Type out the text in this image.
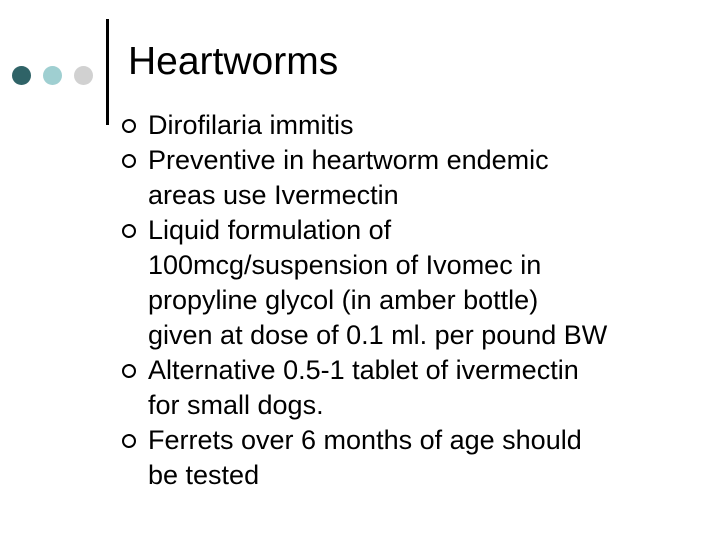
Heartworms
Dirofilaria immitis
Preventive in heartworm endemic
areas use Ivermectin
Liquid formulation of
100mcg/suspension of Ivomec in
propyline glycol (in amber bottle)
given at dose of 0.1 ml. per pound BW
Alternative 0.5-1 tablet of ivermectin
for small dogs.
Ferrets over 6 months of age should
be tested
